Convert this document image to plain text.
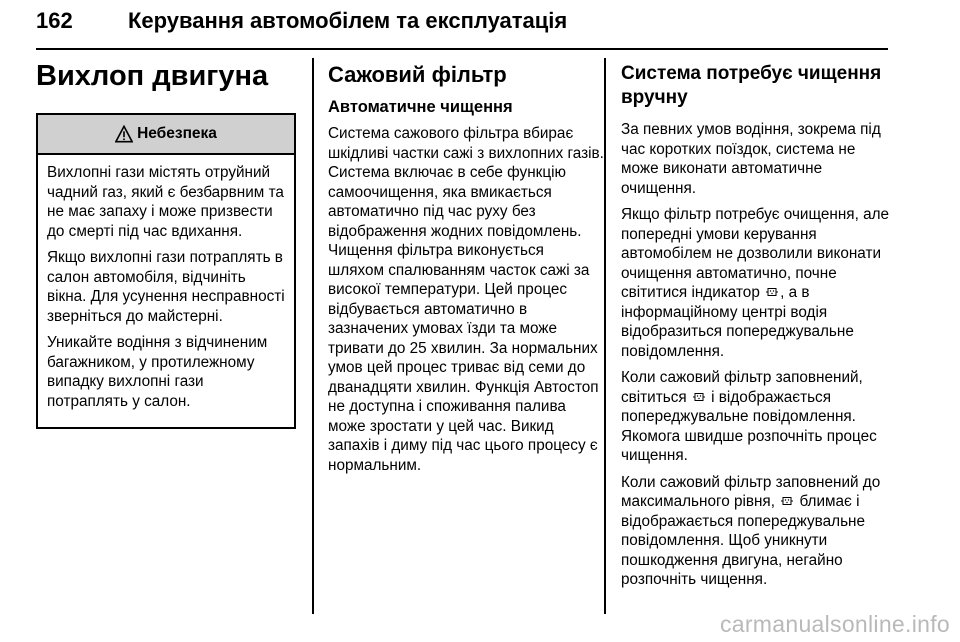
162	Керування автомобілем та експлуатація
Вихлоп двигуна
Небезпека

Вихлопні гази містять отруйний чадний газ, який є безбарвним та не має запаху і може призвести до смерті під час вдихання.

Якщо вихлопні гази потраплять в салон автомобіля, відчиніть вікна. Для усунення несправності зверніться до майстерні.

Уникайте водіння з відчиненим багажником, у протилежному випадку вихлопні гази потраплять у салон.

Сажовий фільтр
Автоматичне чищення

Система сажового фільтра вбирає шкідливі частки сажі з вихлопних газів. Система включає в себе функцію самоочищення, яка вмикається автоматично під час руху без відображення жодних повідомлень. Чищення фільтра виконується шляхом спалюванням часток сажі за високої температури. Цей процес відбувається автоматично в зазначених умовах їзди та може тривати до 25 хвилин. За нормальних умов цей процес триває від семи до дванадцяти хвилин. Функція Автостоп не доступна і споживання палива може зростати у цей час. Викид запахів і диму під час цього процесу є нормальним.

Система потребує чищення вручну

За певних умов водіння, зокрема під час коротких поїздок, система не може виконати автоматичне очищення.

Якщо фільтр потребує очищення, але попередні умови керування автомобілем не дозволили виконати очищення автоматично, почне світитися індикатор , а в інформаційному центрі водія відобразиться попереджувальне повідомлення.

Коли сажовий фільтр заповнений, світиться і відображається попереджувальне повідомлення. Якомога швидше розпочніть процес чищення.

Коли сажовий фільтр заповнений до максимального рівня, блимає і відображається попереджувальне повідомлення. Щоб уникнути пошкодження двигуна, негайно розпочніть чищення.

carmanualsonline.info
